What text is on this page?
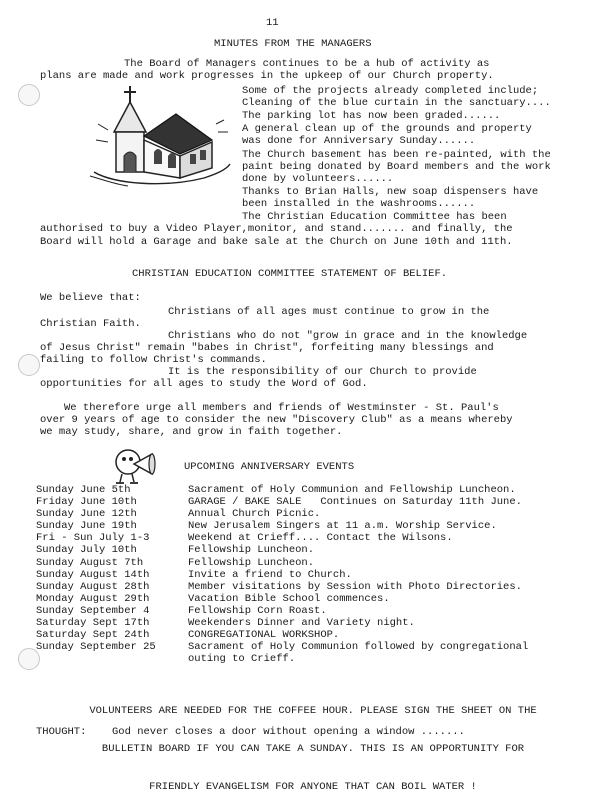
11
MINUTES FROM THE MANAGERS
The Board of Managers continues to be a hub of activity as
plans are made and work progresses in the upkeep of our Church property.
Some of the projects already completed include;
Cleaning of the blue curtain in the sanctuary....
The parking lot has now been graded......
A general clean up of the grounds and property
was done for Anniversary Sunday......
The Church basement has been re-painted, with the
paint being donated by Board members and the work
done by volunteers......
Thanks to Brian Halls, new soap dispensers have
been installed in the washrooms......
The Christian Education Committee has been
authorised to buy a Video Player,monitor, and stand....... and finally, the
Board will hold a Garage and bake sale at the Church on June 10th and 11th.
CHRISTIAN EDUCATION COMMITTEE STATEMENT OF BELIEF.
We believe that:
Christians of all ages must continue to grow in the
Christian Faith.
Christians who do not "grow in grace and in the knowledge
of Jesus Christ" remain "babes in Christ", forfeiting many blessings and
failing to follow Christ's commands.
It is the responsibility of our Church to provide
opportunities for all ages to study the Word of God.
We therefore urge all members and friends of Westminster - St. Paul's
over 9 years of age to consider the new "Discovery Club" as a means whereby
we may study, share, and grow in faith together.
UPCOMING ANNIVERSARY EVENTS
Sunday June 5th	Sacrament of Holy Communion and Fellowship Luncheon.
Friday June 10th	GARAGE / BAKE SALE   Continues on Saturday 11th June.
Sunday June 12th	Annual Church Picnic.
Sunday June 19th	New Jerusalem Singers at 11 a.m. Worship Service.
Fri - Sun July 1-3	Weekend at Crieff.... Contact the Wilsons.
Sunday July 10th	Fellowship Luncheon.
Sunday August 7th	Fellowship Luncheon.
Sunday August 14th	Invite a friend to Church.
Sunday August 28th	Member visitations by Session with Photo Directories.
Monday August 29th	Vacation Bible School commences.
Sunday September 4	Fellowship Corn Roast.
Saturday Sept 17th	Weekenders Dinner and Variety night.
Saturday Sept 24th	CONGREGATIONAL WORKSHOP.
Sunday September 25	Sacrament of Holy Communion followed by congregational
outing to Crieff.

VOLUNTEERS ARE NEEDED FOR THE COFFEE HOUR. PLEASE SIGN THE SHEET ON THE

BULLETIN BOARD IF YOU CAN TAKE A SUNDAY. THIS IS AN OPPORTUNITY FOR

FRIENDLY EVANGELISM FOR ANYONE THAT CAN BOIL WATER !

THOUGHT: God never closes a door without opening a window .......
